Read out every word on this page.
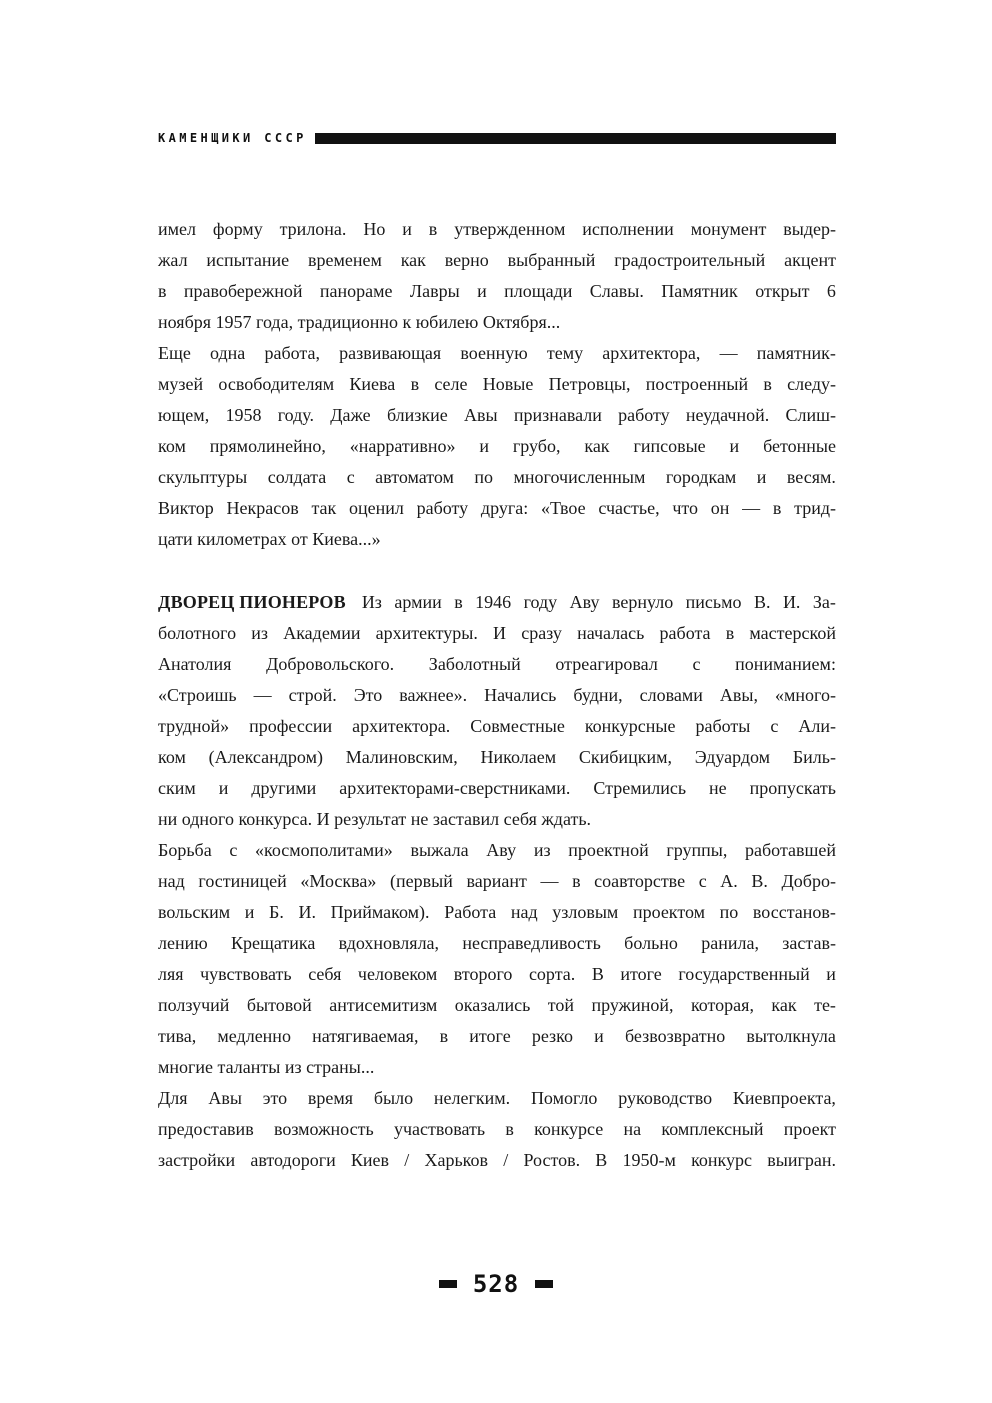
КАМЕНЩИКИ СССР
имел форму трилона. Но и в утвержденном исполнении монумент выдер-
жал испытание временем как верно выбранный градостроительный акцент
в правобережной панораме Лавры и площади Славы. Памятник открыт 6
ноября 1957 года, традиционно к юбилею Октября...
Еще одна работа, развивающая военную тему архитектора, — памятник-
музей освободителям Киева в селе Новые Петровцы, построенный в следу-
ющем, 1958 году. Даже близкие Авы признавали работу неудачной. Слиш-
ком прямолинейно, «нарративно» и грубо, как гипсовые и бетонные
скульптуры солдата с автоматом по многочисленным городкам и весям.
Виктор Некрасов так оценил работу друга: «Твое счастье, что он — в трид-
цати километрах от Киева...»
ДВОРЕЦ ПИОНЕРОВ Из армии в 1946 году Аву вернуло письмо В. И. За-
болотного из Академии архитектуры. И сразу началась работа в мастерской
Анатолия Добровольского. Заболотный отреагировал с пониманием:
«Строишь — строй. Это важнее». Начались будни, словами Авы, «много-
трудной» профессии архитектора. Совместные конкурсные работы с Али-
ком (Александром) Малиновским, Николаем Скибицким, Эдуардом Биль-
ским и другими архитекторами-сверстниками. Стремились не пропускать
ни одного конкурса. И результат не заставил себя ждать.
Борьба с «космополитами» выжала Аву из проектной группы, работавшей
над гостиницей «Москва» (первый вариант — в соавторстве с А. В. Добро-
вольским и Б. И. Приймаком). Работа над узловым проектом по восстанов-
лению Крещатика вдохновляла, несправедливость больно ранила, застав-
ляя чувствовать себя человеком второго сорта. В итоге государственный и
ползучий бытовой антисемитизм оказались той пружиной, которая, как те-
тива, медленно натягиваемая, в итоге резко и безвозвратно вытолкнула
многие таланты из страны...
Для Авы это время было нелегким. Помогло руководство Киевпроекта,
предоставив возможность участвовать в конкурсе на комплексный проект
застройки автодороги Киев / Харьков / Ростов. В 1950-м конкурс выигран.
528
